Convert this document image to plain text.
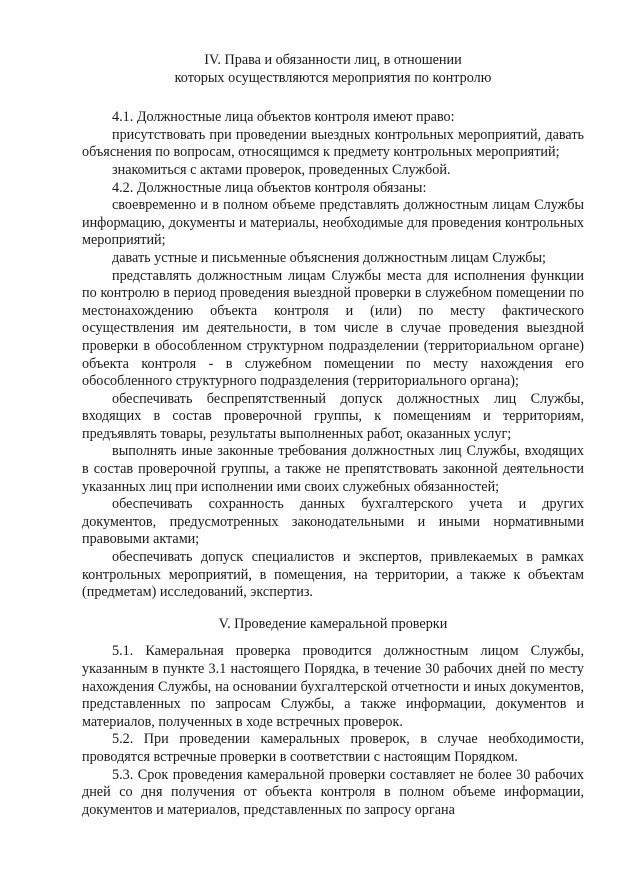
IV. Права и обязанности лиц, в отношении
которых осуществляются мероприятия по контролю

4.1. Должностные лица объектов контроля имеют право:

присутствовать при проведении выездных контрольных мероприятий, давать объяснения по вопросам, относящимся к предмету контрольных мероприятий;

знакомиться с актами проверок, проведенных Службой.

4.2. Должностные лица объектов контроля обязаны:

своевременно и в полном объеме представлять должностным лицам Службы информацию, документы и материалы, необходимые для проведения контрольных мероприятий;

давать устные и письменные объяснения должностным лицам Службы;

представлять должностным лицам Службы места для исполнения функции по контролю в период проведения выездной проверки в служебном помещении по местонахождению объекта контроля и (или) по месту фактического осуществления им деятельности, в том числе в случае проведения выездной проверки в обособленном структурном подразделении (территориальном органе) объекта контроля - в служебном помещении по месту нахождения его обособленного структурного подразделения (территориального органа);

обеспечивать беспрепятственный допуск должностных лиц Службы, входящих в состав проверочной группы, к помещениям и территориям, предъявлять товары, результаты выполненных работ, оказанных услуг;

выполнять иные законные требования должностных лиц Службы, входящих в состав проверочной группы, а также не препятствовать законной деятельности указанных лиц при исполнении ими своих служебных обязанностей;

обеспечивать сохранность данных бухгалтерского учета и других документов, предусмотренных законодательными и иными нормативными правовыми актами;

обеспечивать допуск специалистов и экспертов, привлекаемых в рамках контрольных мероприятий, в помещения, на территории, а также к объектам (предметам) исследований, экспертиз.

V. Проведение камеральной проверки

5.1. Камеральная проверка проводится должностным лицом Службы, указанным в пункте 3.1 настоящего Порядка, в течение 30 рабочих дней по месту нахождения Службы, на основании бухгалтерской отчетности и иных документов, представленных по запросам Службы, а также информации, документов и материалов, полученных в ходе встречных проверок.

5.2. При проведении камеральных проверок, в случае необходимости, проводятся встречные проверки в соответствии с настоящим Порядком.

5.3. Срок проведения камеральной проверки составляет не более 30 рабочих дней со дня получения от объекта контроля в полном объеме информации, документов и материалов, представленных по запросу органа
